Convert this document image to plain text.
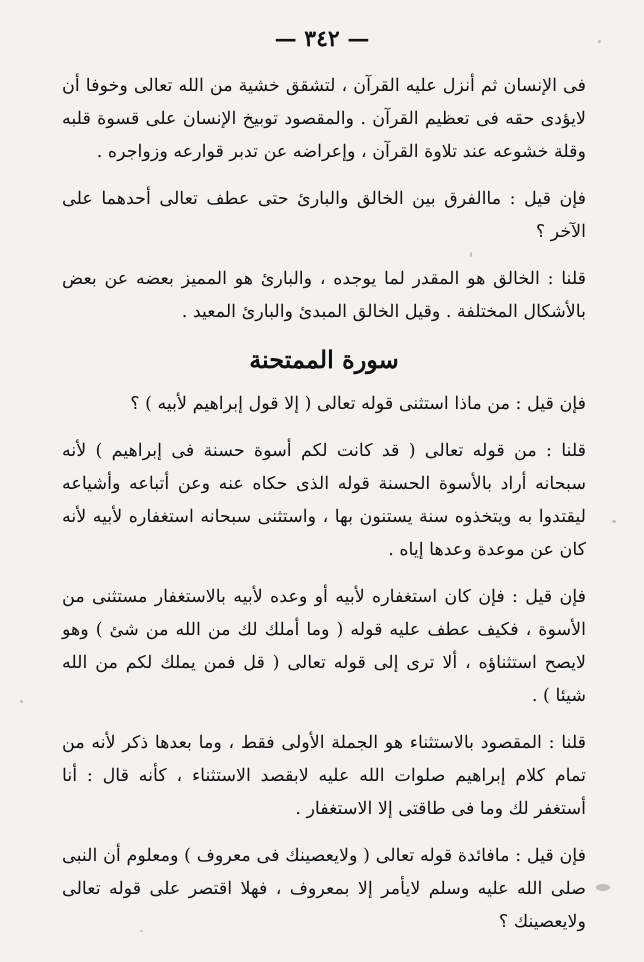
— ٣٤٢ —

فى الإنسان ثم أنزل عليه القرآن ، لتشقق خشية من الله تعالى وخوفا أن لايؤدى حقه فى تعظيم القرآن . والمقصود توبيخ الإنسان على قسوة قلبه وقلة خشوعه عند تلاوة القرآن ، وإعراضه عن تدبر قوارعه وزواجره .

فإن قيل : ماالفرق بين الخالق والبارئ حتى عطف تعالى أحدهما على الآخر ؟

قلنا : الخالق هو المقدر لما يوجده ، والبارئ هو المميز بعضه عن بعض بالأشكال المختلفة . وقيل الخالق المبدئ والبارئ المعيد .

سورة الممتحنة

فإن قيل : من ماذا استثنى قوله تعالى ( إلا قول إبراهيم لأبيه ) ؟

قلنا : من قوله تعالى ( قد كانت لكم أسوة حسنة فى إبراهيم ) لأنه سبحانه أراد بالأسوة الحسنة قوله الذى حكاه عنه وعن أتباعه وأشياعه ليقتدوا به ويتخذوه سنة يستنون بها ، واستثنى سبحانه استغفاره لأبيه لأنه كان عن موعدة وعدها إياه .

فإن قيل : فإن كان استغفاره لأبيه أو وعده لأبيه بالاستغفار مستثنى من الأسوة ، فكيف عطف عليه قوله ( وما أملك لك من الله من شئ ) وهو لايصح استثناؤه ، ألا ترى إلى قوله تعالى ( قل فمن يملك لكم من الله شيئا ) .

قلنا : المقصود بالاستثناء هو الجملة الأولى فقط ، وما بعدها ذكر لأنه من تمام كلام إبراهيم صلوات الله عليه لابقصد الاستثناء ، كأنه قال : أنا أستغفر لك وما فى طاقتى إلا الاستغفار .

فإن قيل : مافائدة قوله تعالى ( ولايعصينك فى معروف ) ومعلوم أن النبى صلى الله عليه وسلم لايأمر إلا بمعروف ، فهلا اقتصر على قوله تعالى ولايعصينك ؟
